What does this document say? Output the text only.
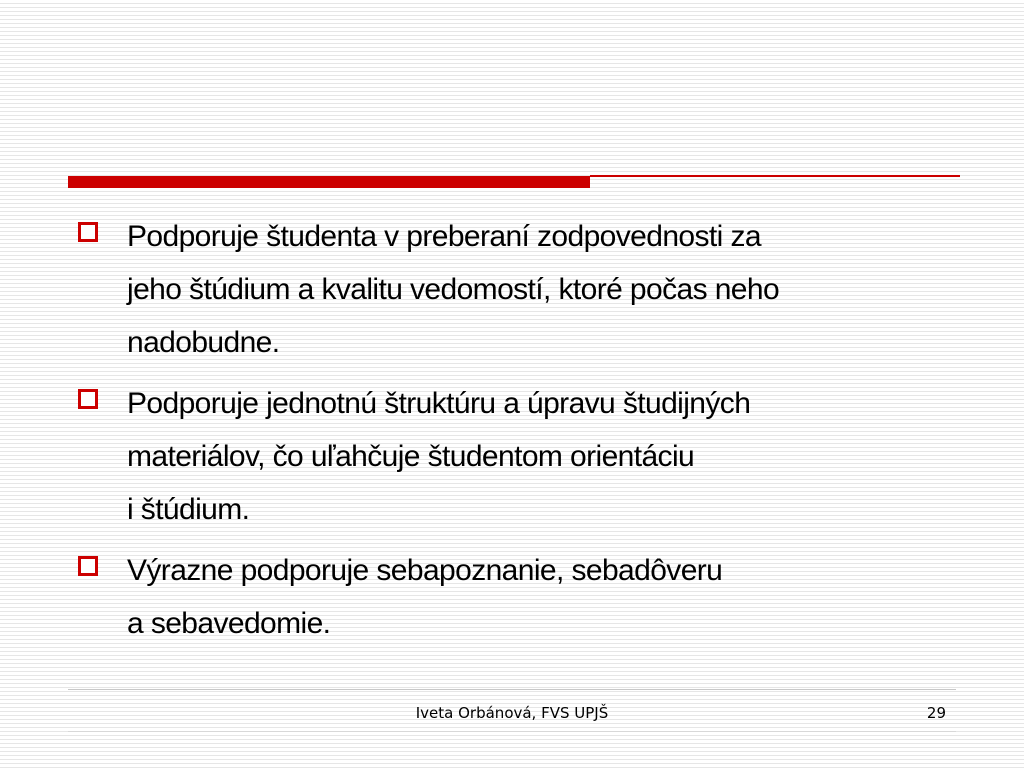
Podporuje študenta v preberaní zodpovednosti za
jeho štúdium a kvalitu vedomostí, ktoré počas neho
nadobudne.
Podporuje jednotnú štruktúru a úpravu študijných
materiálov, čo uľahčuje študentom orientáciu
i štúdium.
Výrazne podporuje sebapoznanie, sebadôveru
a sebavedomie.
Iveta Orbánová, FVS UPJŠ	29
